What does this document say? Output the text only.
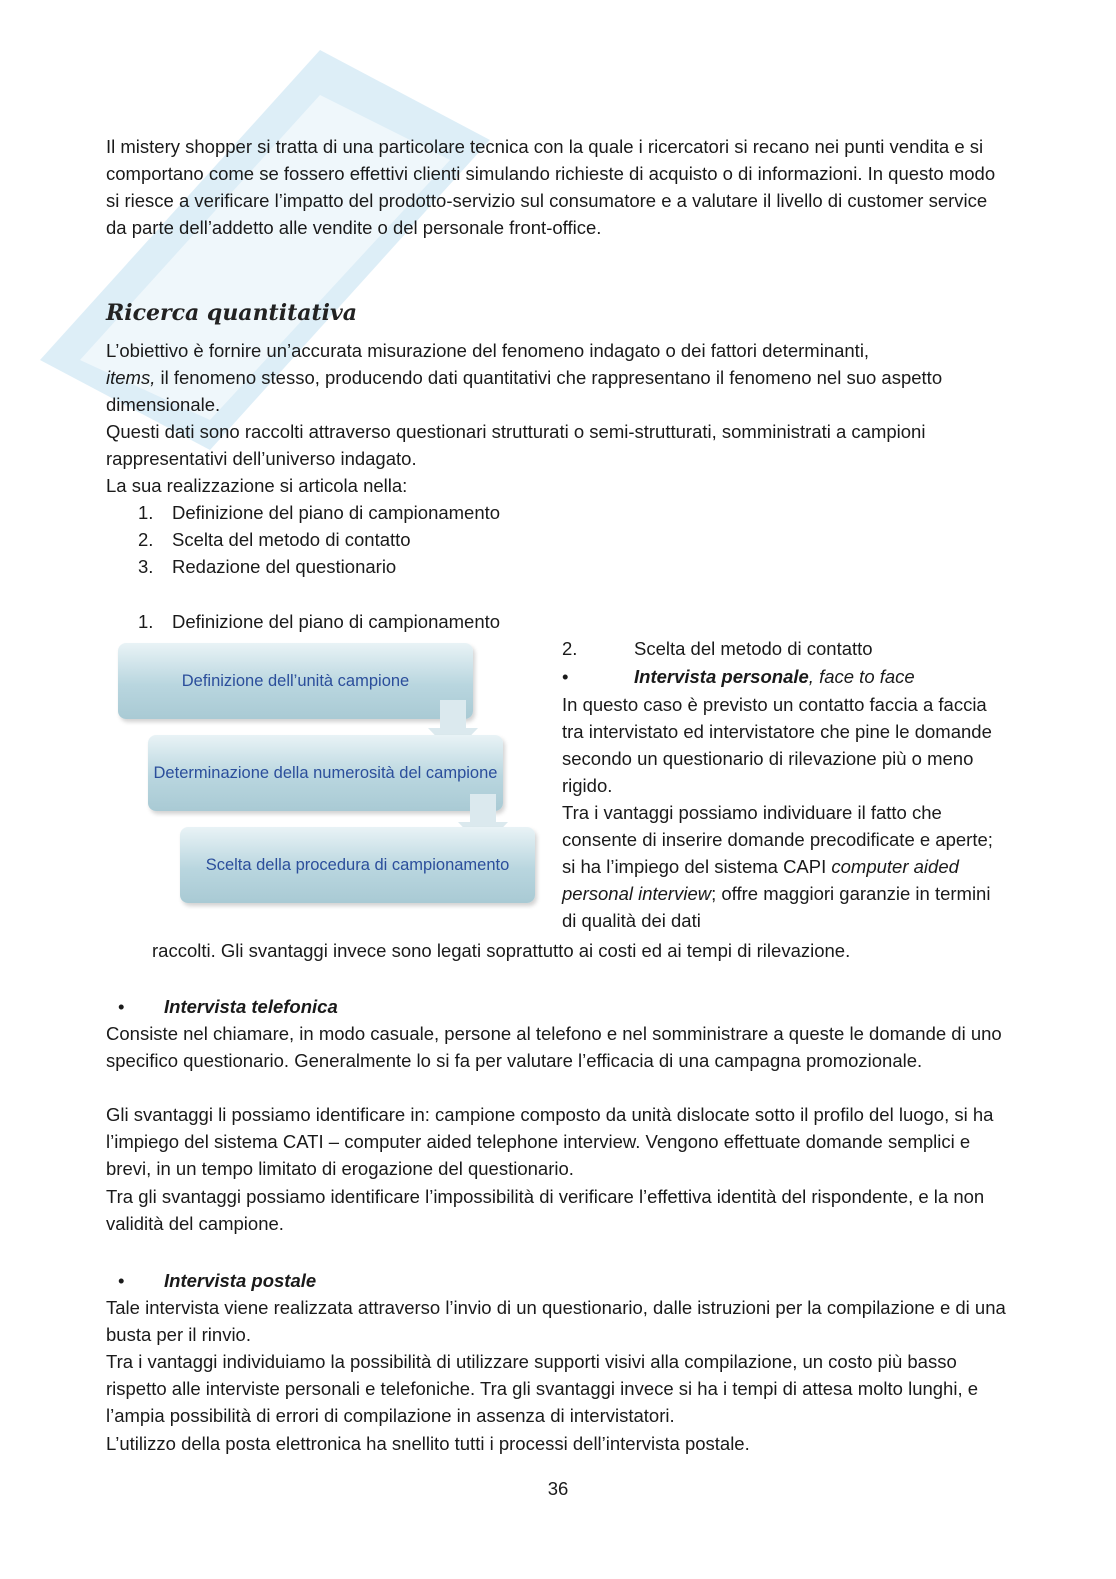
Il mistery shopper si tratta di una particolare tecnica con la quale i ricercatori si recano nei punti vendita e si comportano come se fossero effettivi clienti simulando richieste di acquisto o di informazioni. In questo modo si riesce a verificare l’impatto del prodotto-servizio sul consumatore e a valutare il livello di customer service da parte dell’addetto alle vendite o del personale front-office.

Ricerca quantitativa

L’obiettivo è fornire un’accurata misurazione del fenomeno indagato o dei fattori determinanti,
items, il fenomeno stesso, producendo dati quantitativi che rappresentano il fenomeno nel suo aspetto dimensionale.

Questi dati sono raccolti attraverso questionari strutturati o semi-strutturati, somministrati a campioni rappresentativi dell’universo indagato.

La sua realizzazione si articola nella:

1. Definizione del piano di campionamento
2. Scelta del metodo di contatto
3. Redazione del questionario
1. Definizione del piano di campionamento
Definizione dell’unità campione
Determinazione della numerosità del campione
Scelta della procedura di campionamento
2.	Scelta del metodo di contatto
•	Intervista personale, face to face

In questo caso è previsto un contatto faccia a faccia tra intervistato ed intervistatore che pine le domande secondo un questionario di rilevazione più o meno rigido.

Tra i vantaggi possiamo individuare il fatto che consente di inserire domande precodificate e aperte; si ha l’impiego del sistema CAPI computer aided personal interview; offre maggiori garanzie in termini di qualità dei dati

raccolti. Gli svantaggi invece sono legati soprattutto ai costi ed ai tempi di rilevazione.

• Intervista telefonica

Consiste nel chiamare, in modo casuale, persone al telefono e nel somministrare a queste le domande di uno specifico questionario. Generalmente lo si fa per valutare l’efficacia di una campagna promozionale.

Gli svantaggi li possiamo identificare in: campione composto da unità dislocate sotto il profilo del luogo, si ha l’impiego del sistema CATI – computer aided telephone interview. Vengono effettuate domande semplici e brevi, in un tempo limitato di erogazione del questionario.

Tra gli svantaggi possiamo identificare l’impossibilità di verificare l’effettiva identità del rispondente, e la non validità del campione.

• Intervista postale

Tale intervista viene realizzata attraverso l’invio di un questionario, dalle istruzioni per la compilazione e di una busta per il rinvio.

Tra i vantaggi individuiamo la possibilità di utilizzare supporti visivi alla compilazione, un costo più basso rispetto alle interviste personali e telefoniche. Tra gli svantaggi invece si ha i tempi di attesa molto lunghi, e l’ampia possibilità di errori di compilazione in assenza di intervistatori.

L’utilizzo della posta elettronica ha snellito tutti i processi dell’intervista postale.

36
